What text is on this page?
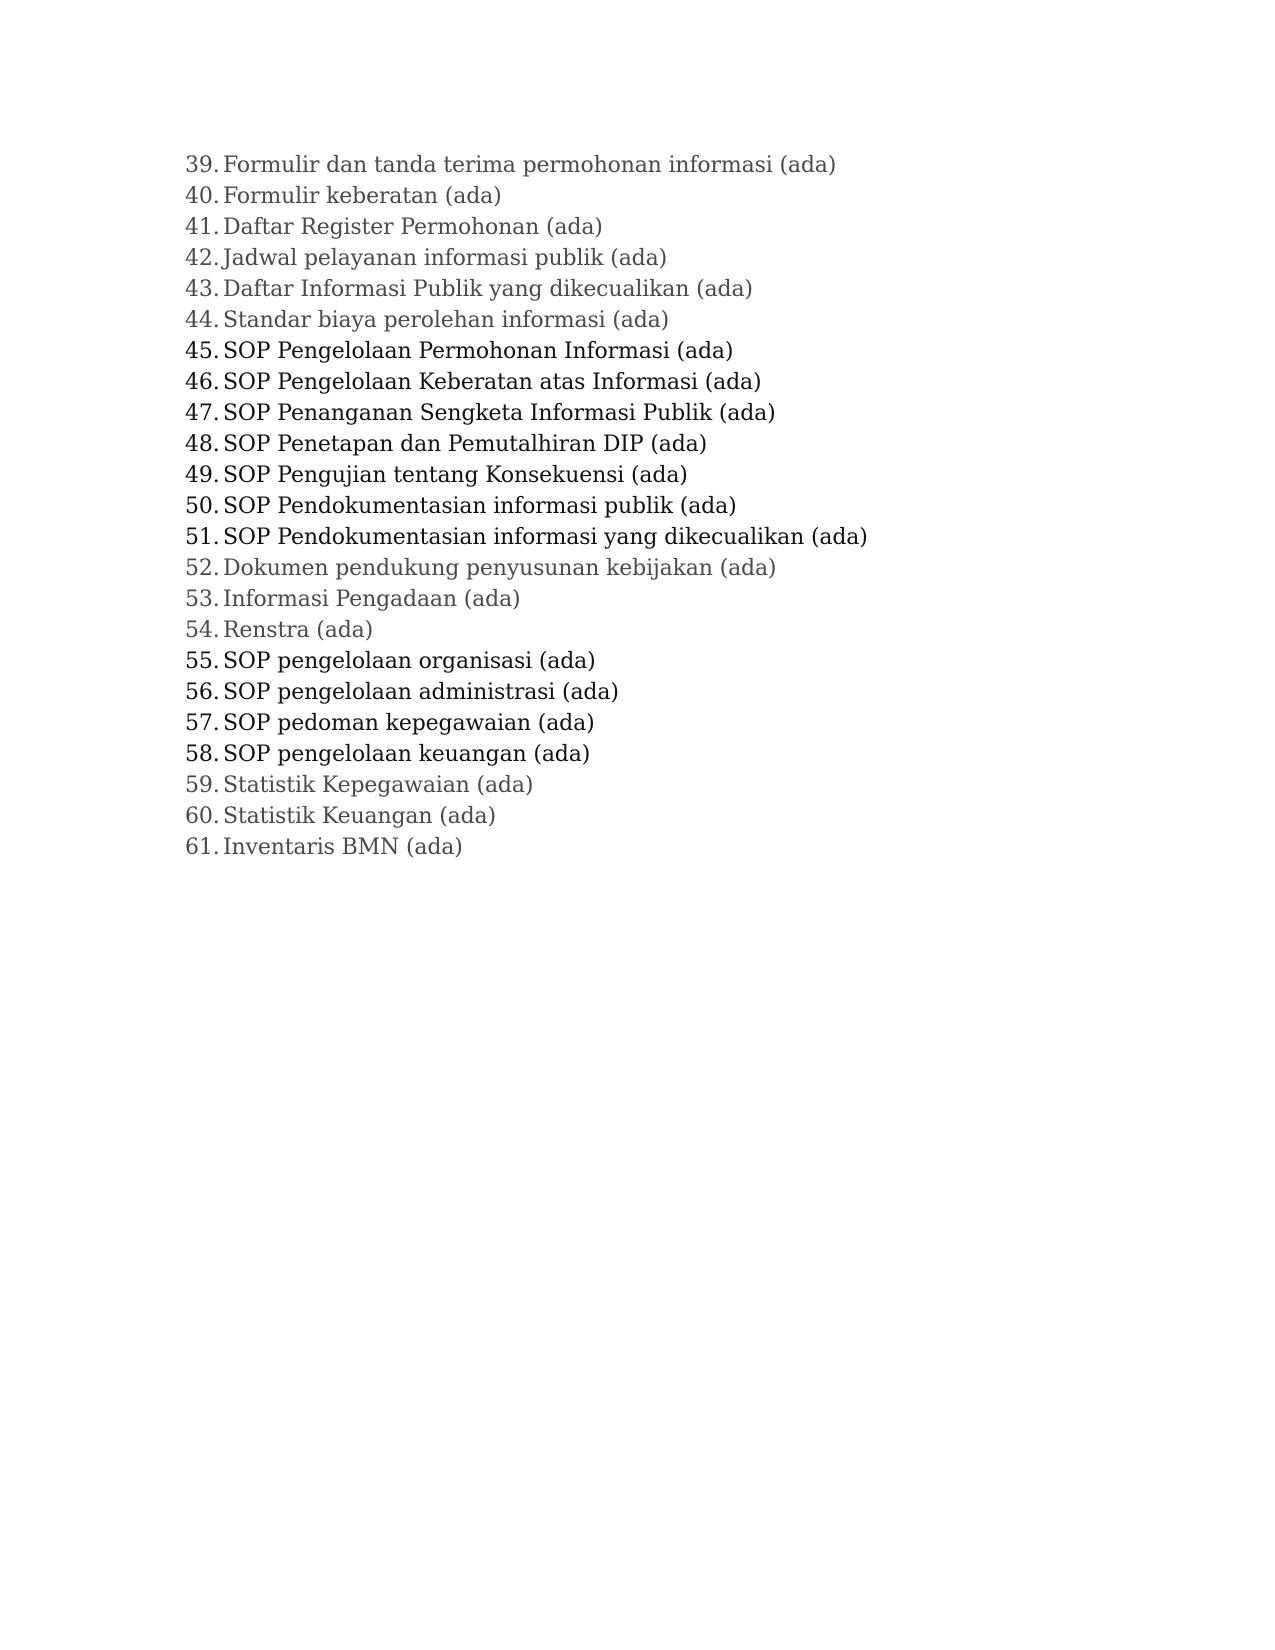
39. Formulir dan tanda terima permohonan informasi (ada)
40. Formulir keberatan (ada)
41. Daftar Register Permohonan (ada)
42. Jadwal pelayanan informasi publik (ada)
43. Daftar Informasi Publik yang dikecualikan (ada)
44. Standar biaya perolehan informasi (ada)
45. SOP Pengelolaan Permohonan Informasi (ada)
46. SOP Pengelolaan Keberatan atas Informasi (ada)
47. SOP Penanganan Sengketa Informasi Publik (ada)
48. SOP Penetapan dan Pemutalhiran DIP (ada)
49. SOP Pengujian tentang Konsekuensi (ada)
50. SOP Pendokumentasian informasi publik (ada)
51. SOP Pendokumentasian informasi yang dikecualikan (ada)
52. Dokumen pendukung penyusunan kebijakan (ada)
53. Informasi Pengadaan (ada)
54. Renstra (ada)
55. SOP pengelolaan organisasi (ada)
56. SOP pengelolaan administrasi (ada)
57. SOP pedoman kepegawaian (ada)
58. SOP pengelolaan keuangan (ada)
59. Statistik Kepegawaian (ada)
60. Statistik Keuangan (ada)
61. Inventaris BMN (ada)
